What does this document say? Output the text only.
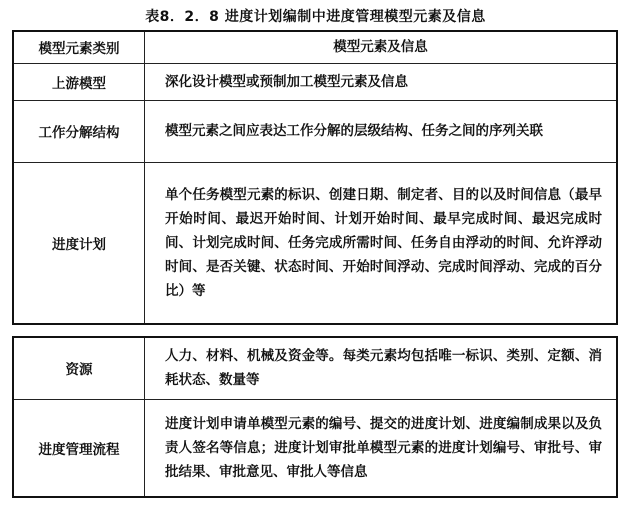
表8．2．8 进度计划编制中进度管理模型元素及信息
模型元素类别	模型元素及信息
上游模型	深化设计模型或预制加工模型元素及信息
工作分解结构	模型元素之间应表达工作分解的层级结构、任务之间的序列关联
进度计划	单个任务模型元素的标识、创建日期、制定者、目的以及时间信息（最早开始时间、最迟开始时间、计划开始时间、最早完成时间、最迟完成时间、计划完成时间、任务完成所需时间、任务自由浮动的时间、允许浮动时间、是否关键、状态时间、开始时间浮动、完成时间浮动、完成的百分比）等
资源	人力、材料、机械及资金等。每类元素均包括唯一标识、类别、定额、消耗状态、数量等
进度管理流程	进度计划申请单模型元素的编号、提交的进度计划、进度编制成果以及负责人签名等信息；进度计划审批单模型元素的进度计划编号、审批号、审批结果、审批意见、审批人等信息
